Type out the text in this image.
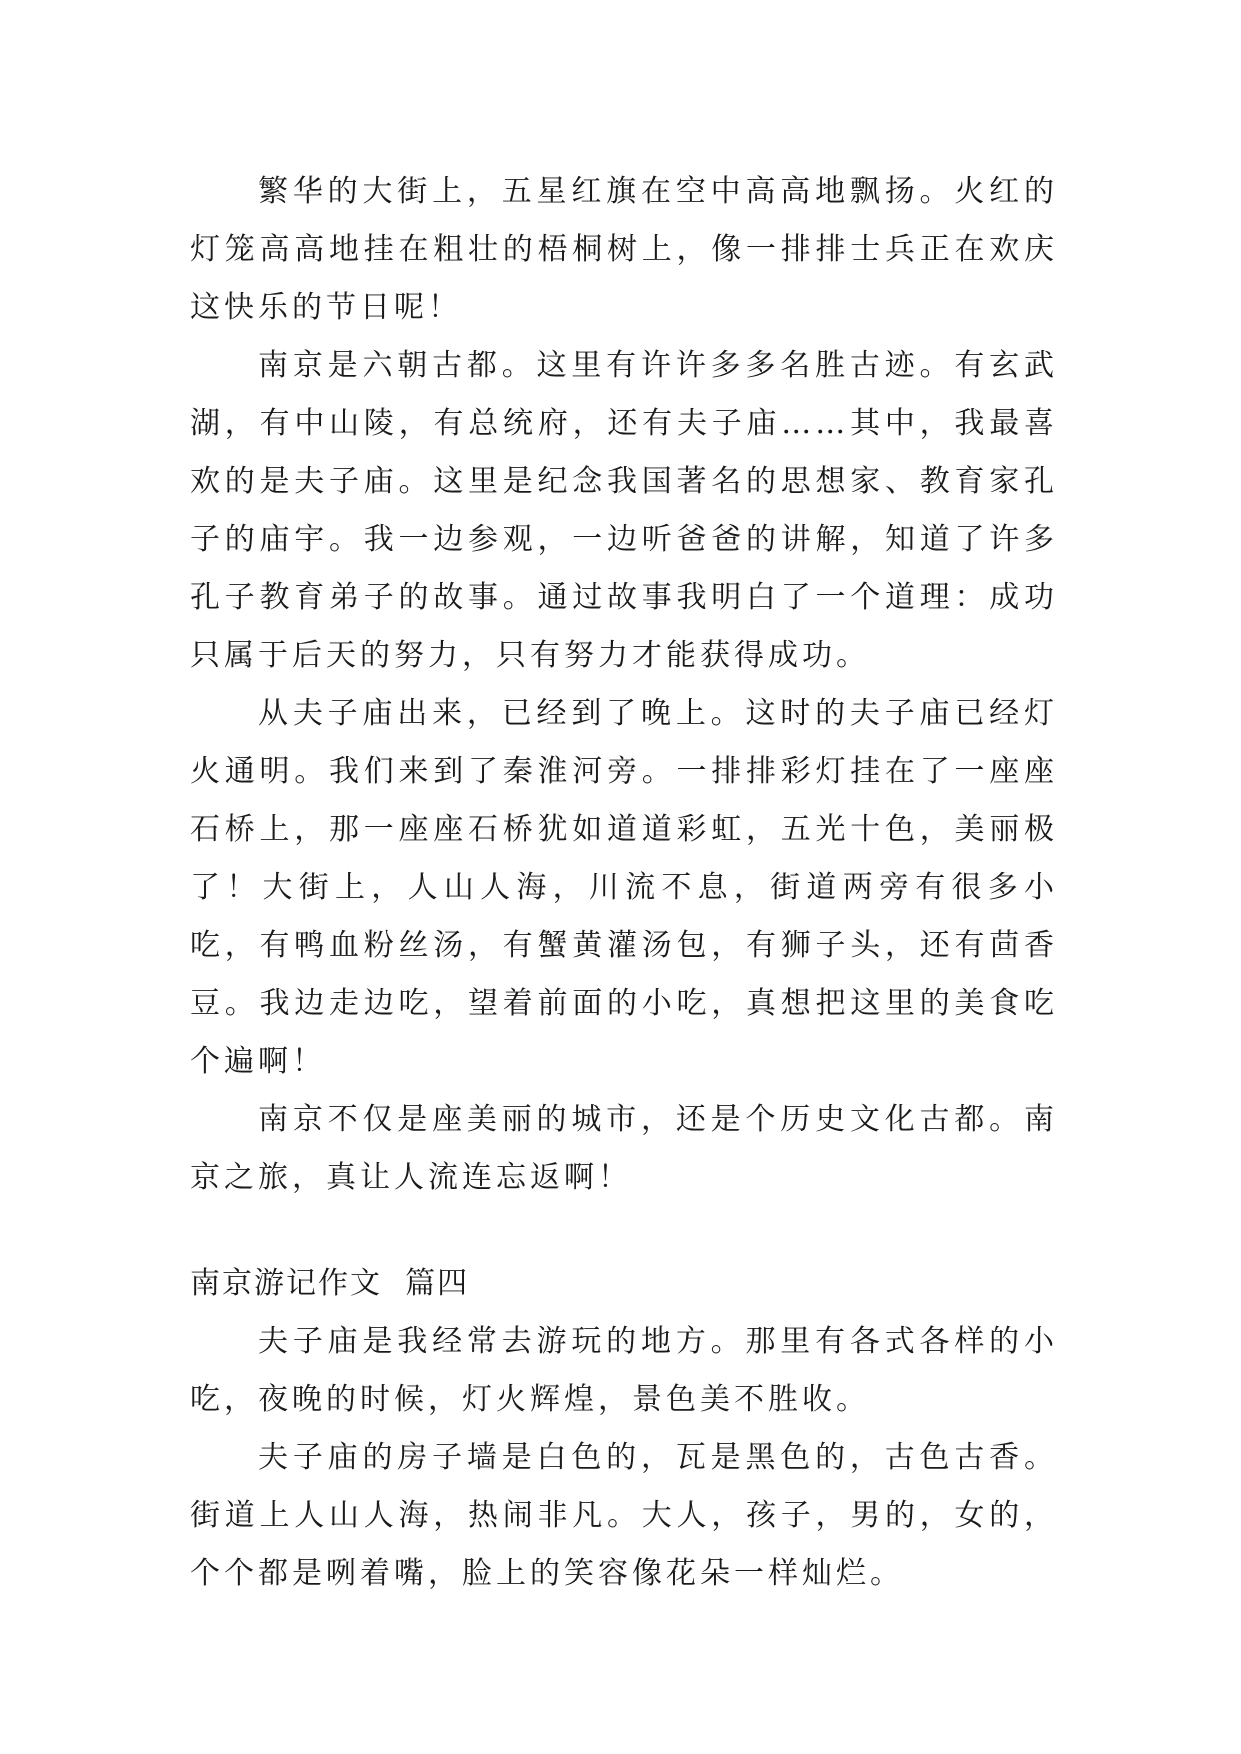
繁华的大街上，五星红旗在空中高高地飘扬。火红的灯笼高高地挂在粗壮的梧桐树上，像一排排士兵正在欢庆这快乐的节日呢！

南京是六朝古都。这里有许许多多名胜古迹。有玄武湖，有中山陵，有总统府，还有夫子庙……其中，我最喜欢的是夫子庙。这里是纪念我国著名的思想家、教育家孔子的庙宇。我一边参观，一边听爸爸的讲解，知道了许多孔子教育弟子的故事。通过故事我明白了一个道理：成功只属于后天的努力，只有努力才能获得成功。

从夫子庙出来，已经到了晚上。这时的夫子庙已经灯火通明。我们来到了秦淮河旁。一排排彩灯挂在了一座座石桥上，那一座座石桥犹如道道彩虹，五光十色，美丽极了！大街上，人山人海，川流不息，街道两旁有很多小吃，有鸭血粉丝汤，有蟹黄灌汤包，有狮子头，还有茴香豆。我边走边吃，望着前面的小吃，真想把这里的美食吃个遍啊！

南京不仅是座美丽的城市，还是个历史文化古都。南京之旅，真让人流连忘返啊！

南京游记作文  篇四

夫子庙是我经常去游玩的地方。那里有各式各样的小吃，夜晚的时候，灯火辉煌，景色美不胜收。

夫子庙的房子墙是白色的，瓦是黑色的，古色古香。街道上人山人海，热闹非凡。大人，孩子，男的，女的，个个都是咧着嘴，脸上的笑容像花朵一样灿烂。
